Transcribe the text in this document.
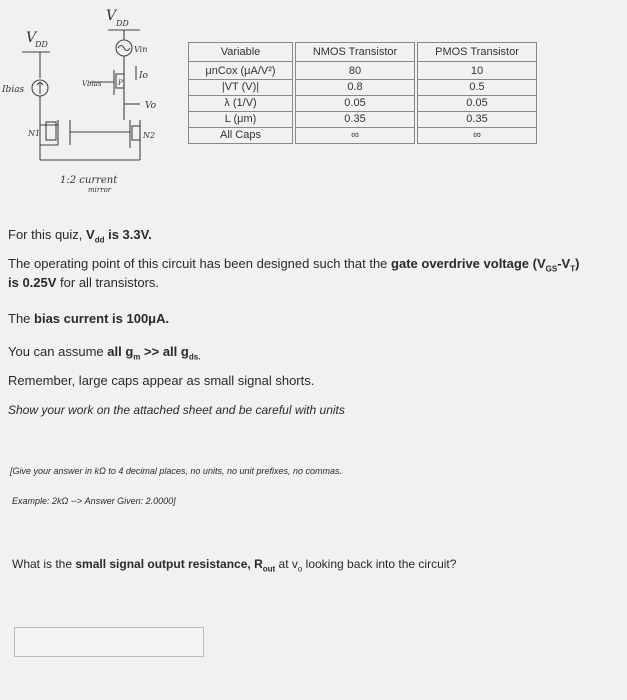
V
DD
V DD
Vin
Io
Vbias P
Ibias
Vo
N1	N2
1:2 current
mirror
Variable	NMOS Transistor	PMOS Transistor
μnCox (μA/V²)	80	10
|VT (V)|	0.8	0.5
λ (1/V)	0.05	0.05
L (μm)	0.35	0.35
All Caps	∞	∞
For this quiz, $V_{dd}$ is 3.3V.
The operating point of this circuit has been designed such that the gate overdrive voltage $(V_{GS}-V_T)$
is 0.25V for all transistors.
The bias current is 100μA.
You can assume all $g_m$ >> all $g_{ds.}$
Remember, large caps appear as small signal shorts.
Show your work on the attached sheet and be careful with units
[Give your answer in kΩ to 4 decimal places, no units, no unit prefixes, no commas.
Example: 2kΩ --> Answer Given: 2.0000]
What is the small signal output resistance, $R_{out}$ at $v_o$ looking back into the circuit?
